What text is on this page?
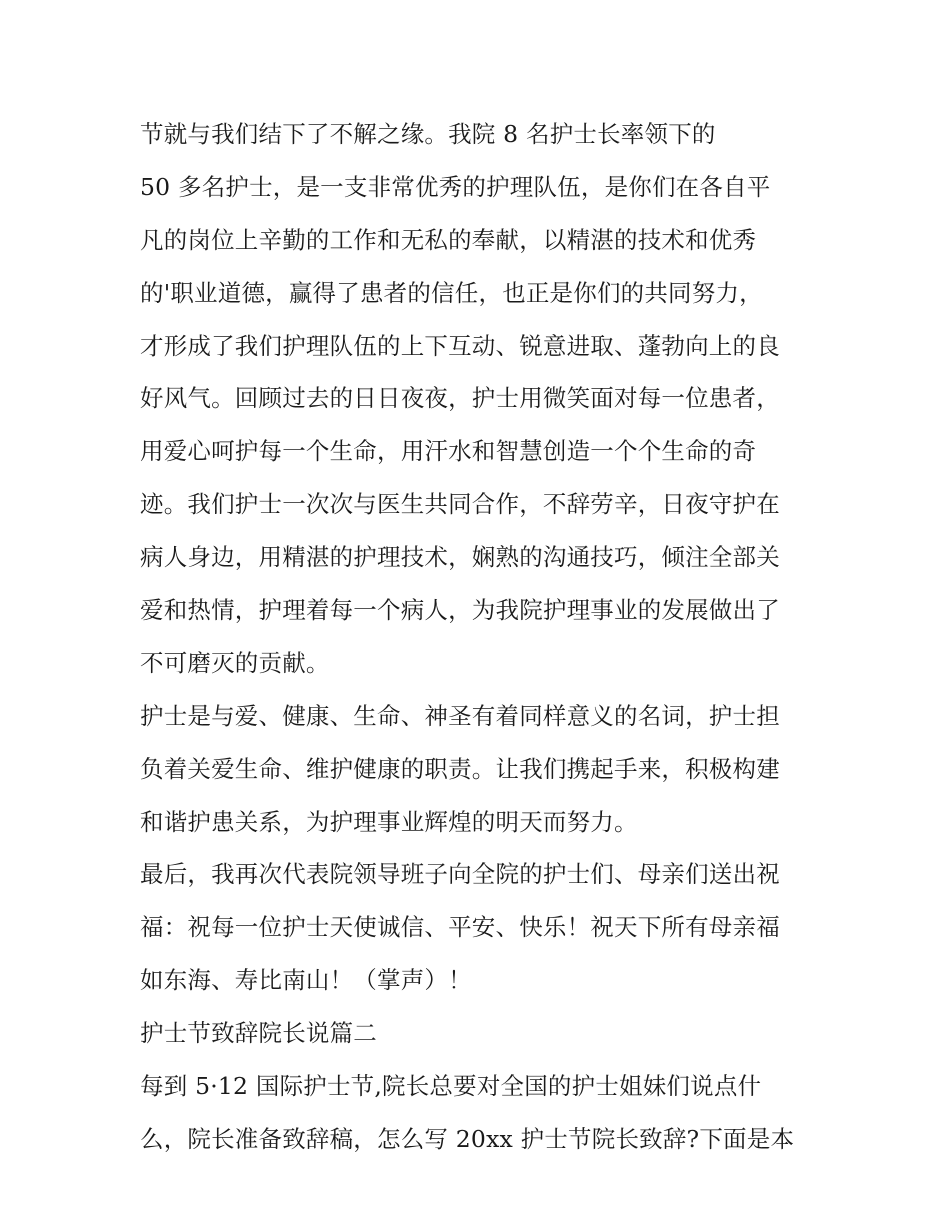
节就与我们结下了不解之缘。我院 8 名护士长率领下的
50 多名护士，是一支非常优秀的护理队伍，是你们在各自平
凡的岗位上辛勤的工作和无私的奉献，以精湛的技术和优秀
的'职业道德，赢得了患者的信任，也正是你们的共同努力，
才形成了我们护理队伍的上下互动、锐意进取、蓬勃向上的良
好风气。回顾过去的日日夜夜，护士用微笑面对每一位患者，
用爱心呵护每一个生命，用汗水和智慧创造一个个生命的奇
迹。我们护士一次次与医生共同合作，不辞劳辛，日夜守护在
病人身边，用精湛的护理技术，娴熟的沟通技巧，倾注全部关
爱和热情，护理着每一个病人，为我院护理事业的发展做出了
不可磨灭的贡献。
护士是与爱、健康、生命、神圣有着同样意义的名词，护士担
负着关爱生命、维护健康的职责。让我们携起手来，积极构建
和谐护患关系，为护理事业辉煌的明天而努力。
最后，我再次代表院领导班子向全院的护士们、母亲们送出祝
福：祝每一位护士天使诚信、平安、快乐！祝天下所有母亲福
如东海、寿比南山！（掌声）！
护士节致辞院长说篇二
每到 5·12 国际护士节,院长总要对全国的护士姐妹们说点什
么，院长准备致辞稿，怎么写 20xx 护士节院长致辞?下面是本
